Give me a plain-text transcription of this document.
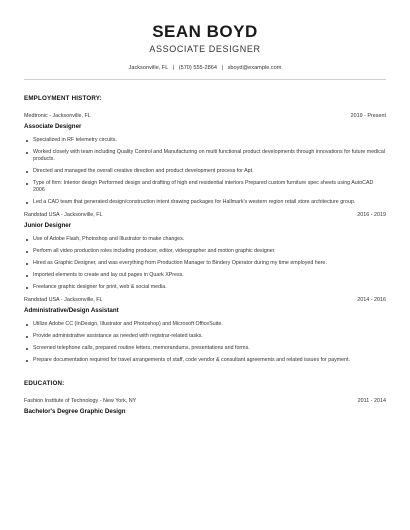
SEAN BOYD
ASSOCIATE DESIGNER
Jacksonville, FL | (570) 555-2864 | sboyd@example.com
EMPLOYMENT HISTORY:
Medtronic - Jacksonville, FL	2019 - Present
Associate Designer
Specialized in RF telemetry circuits.
Worked closely with team including Quality Control and Manufacturing on multi functional product developments through innovations for future medical products.
Directed and managed the overall creative direction and product development process for Apt.
Type of firm: Interior design Performed design and drafting of high end residential interiors Prepared custom furniture spec sheets using AutoCAD 2006
Led a CAD team that generated design/construction intent drawing packages for Hallmark's western region retail store architecture group.
Randstad USA - Jacksonville, FL	2016 - 2019
Junior Designer
Use of Adobe Flash, Photoshop and Illustrator to make changes.
Perform all video production roles including producer, editor, videographer and motion graphic designer.
Hired as Graphic Designer, and was everything from Production Manager to Bindery Operator during my time employed here.
Imported elements to create and lay out pages in Quark XPress.
Freelance graphic designer for print, web & social media.
Randstad USA - Jacksonville, FL	2014 - 2016
Administrative/Design Assistant
Utilize Adobe CC (InDesign, Illustrator and Photoshop) and Microsoft OfficeSuite.
Provide administrative assistance as needed with registrar-related tasks.
Screened telephone calls, prepared routine letters, memorandums, presentations and forms.
Prepare documentation required for travel arrangements of staff, code vendor & consultant agreements and related issues for payment.
EDUCATION:
Fashion Institute of Technology - New York, NY	2011 - 2014
Bachelor's Degree Graphic Design
